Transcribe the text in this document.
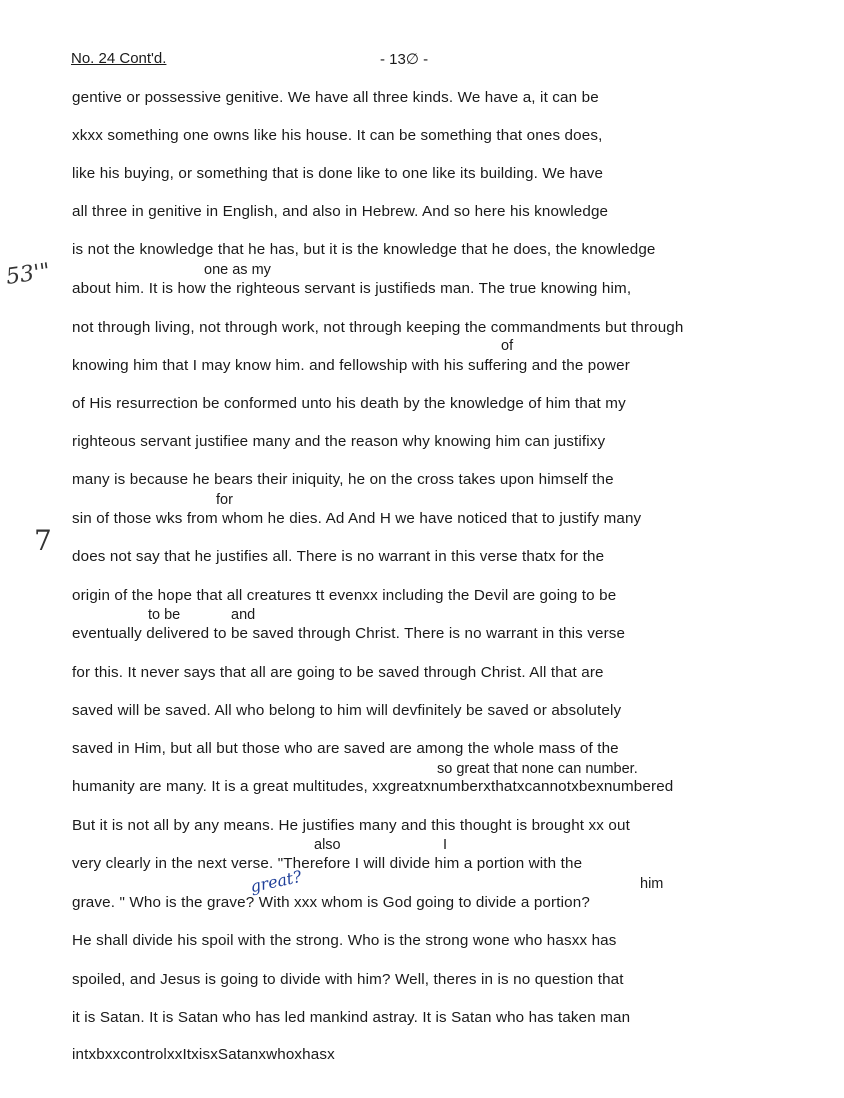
No. 24 Cont'd.	- 13∅ -
53'"
7
great?
one as my
of
for
to be	and
so great that none can number.
also	I
him
gentive or possessive genitive. We have all three kinds. We have a, it can be
xkxx something one owns like his house. It can be something that ones does,
like his buying, or something that is done like to one like its building. We have
all three in genitive in English, and also in Hebrew. And so here his knowledge
is not the knowledge that he has, but it is the knowledge that he does, the knowledge
about him. It is how the righteous servant is justifieds man. The true knowing him,
not through living, not through work, not through keeping the commandments but through
knowing him that I may know him. and fellowship with his suffering and the power
of His resurrection be conformed unto his death by the knowledge of him that my
righteous servant justifiee many and the reason why knowing him can justifixy
many is because he bears their iniquity, he on the cross takes upon himself the
sin of those wks from whom he dies. Ad And H we have noticed that to justify many
does not say that he justifies all. There is no warrant in this verse thatx for the
origin of the hope that all creatures tt evenxx including the Devil are going to be
eventually delivered to be saved through Christ. There is no warrant in this verse
for this. It never says that all are going to be saved through Christ. All that are
saved will be saved. All who belong to him will devfinitely be saved or absolutely
saved in Him, but all but those who are saved are among the whole mass of the
humanity are many. It is a great multitudes, xxgreatxnumberxthatxcannotxbexnumbered
But it is not all by any means. He justifies many and this thought is brought xx out
very clearly in the next verse. "Therefore I will divide him a portion with the
grave. " Who is the grave? With xxx whom is God going to divide a portion?
He shall divide his spoil with the strong. Who is the strong wone who hasxx has
spoiled, and Jesus is going to divide with him? Well, theres in is no question that
it is Satan. It is Satan who has led mankind astray. It is Satan who has taken man
intxbxxcontrolxxItxisxSatanxwhoxhasx
